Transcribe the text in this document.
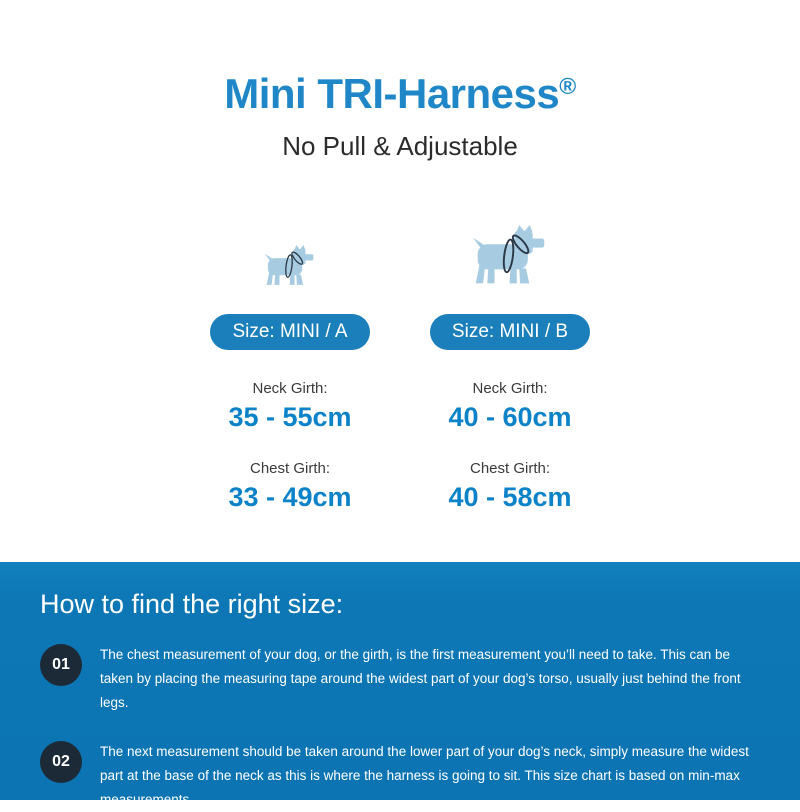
Mini TRI-Harness®
No Pull & Adjustable
Size: MINI / A
Neck Girth:
35 - 55cm
Chest Girth:
33 - 49cm
Size: MINI / B
Neck Girth:
40 - 60cm
Chest Girth:
40 - 58cm
How to find the right size:
01
The chest measurement of your dog, or the girth, is the first measurement you’ll need to take. This can be taken by placing the measuring tape around the widest part of your dog’s torso, usually just behind the front legs.
02
The next measurement should be taken around the lower part of your dog’s neck, simply measure the widest part at the base of the neck as this is where the harness is going to sit. This size chart is based on min-max measurements.
